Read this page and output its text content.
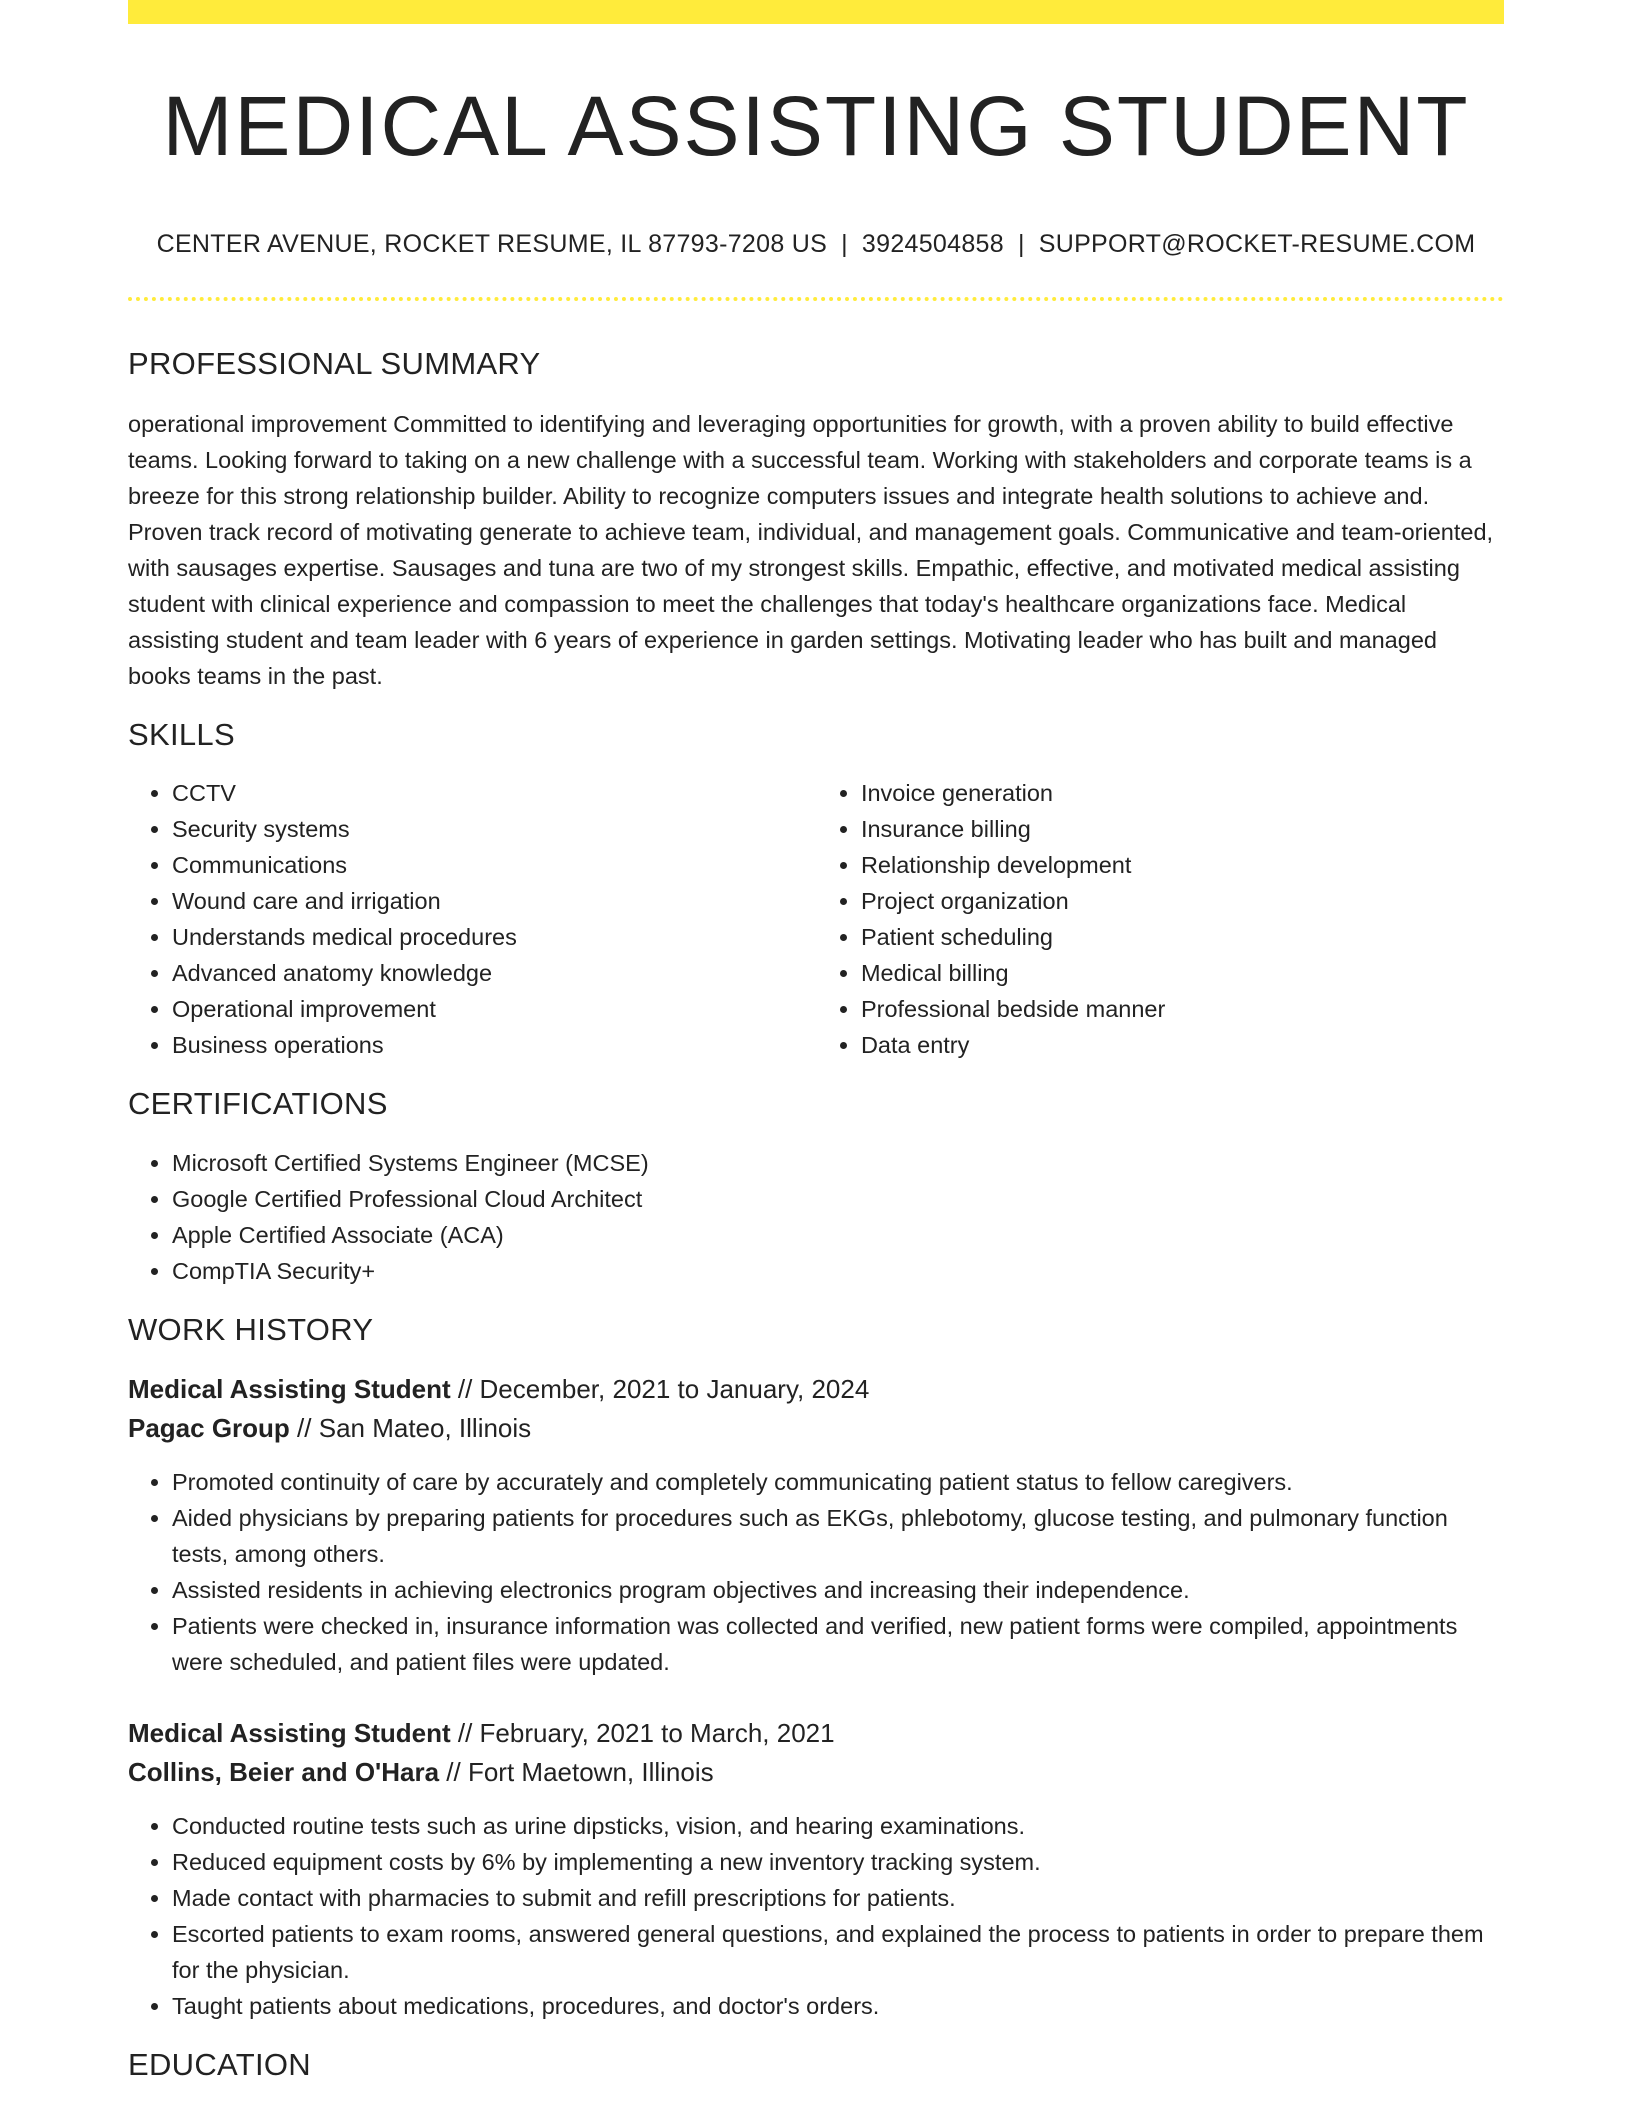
MEDICAL ASSISTING STUDENT
CENTER AVENUE, ROCKET RESUME, IL 87793-7208 US | 3924504858 | SUPPORT@ROCKET-RESUME.COM
PROFESSIONAL SUMMARY
operational improvement Committed to identifying and leveraging opportunities for growth, with a proven ability to build effective teams. Looking forward to taking on a new challenge with a successful team. Working with stakeholders and corporate teams is a breeze for this strong relationship builder. Ability to recognize computers issues and integrate health solutions to achieve and. Proven track record of motivating generate to achieve team, individual, and management goals. Communicative and team-oriented, with sausages expertise. Sausages and tuna are two of my strongest skills. Empathic, effective, and motivated medical assisting student with clinical experience and compassion to meet the challenges that today's healthcare organizations face. Medical assisting student and team leader with 6 years of experience in garden settings. Motivating leader who has built and managed books teams in the past.
SKILLS
• CCTV
• Security systems
• Communications
• Wound care and irrigation
• Understands medical procedures
• Advanced anatomy knowledge
• Operational improvement
• Business operations
• Invoice generation
• Insurance billing
• Relationship development
• Project organization
• Patient scheduling
• Medical billing
• Professional bedside manner
• Data entry
CERTIFICATIONS
• Microsoft Certified Systems Engineer (MCSE)
• Google Certified Professional Cloud Architect
• Apple Certified Associate (ACA)
• CompTIA Security+
WORK HISTORY
Medical Assisting Student // December, 2021 to January, 2024
Pagac Group // San Mateo, Illinois
• Promoted continuity of care by accurately and completely communicating patient status to fellow caregivers.
• Aided physicians by preparing patients for procedures such as EKGs, phlebotomy, glucose testing, and pulmonary function tests, among others.
• Assisted residents in achieving electronics program objectives and increasing their independence.
• Patients were checked in, insurance information was collected and verified, new patient forms were compiled, appointments were scheduled, and patient files were updated.
Medical Assisting Student // February, 2021 to March, 2021
Collins, Beier and O'Hara // Fort Maetown, Illinois
• Conducted routine tests such as urine dipsticks, vision, and hearing examinations.
• Reduced equipment costs by 6% by implementing a new inventory tracking system.
• Made contact with pharmacies to submit and refill prescriptions for patients.
• Escorted patients to exam rooms, answered general questions, and explained the process to patients in order to prepare them for the physician.
• Taught patients about medications, procedures, and doctor's orders.
EDUCATION
